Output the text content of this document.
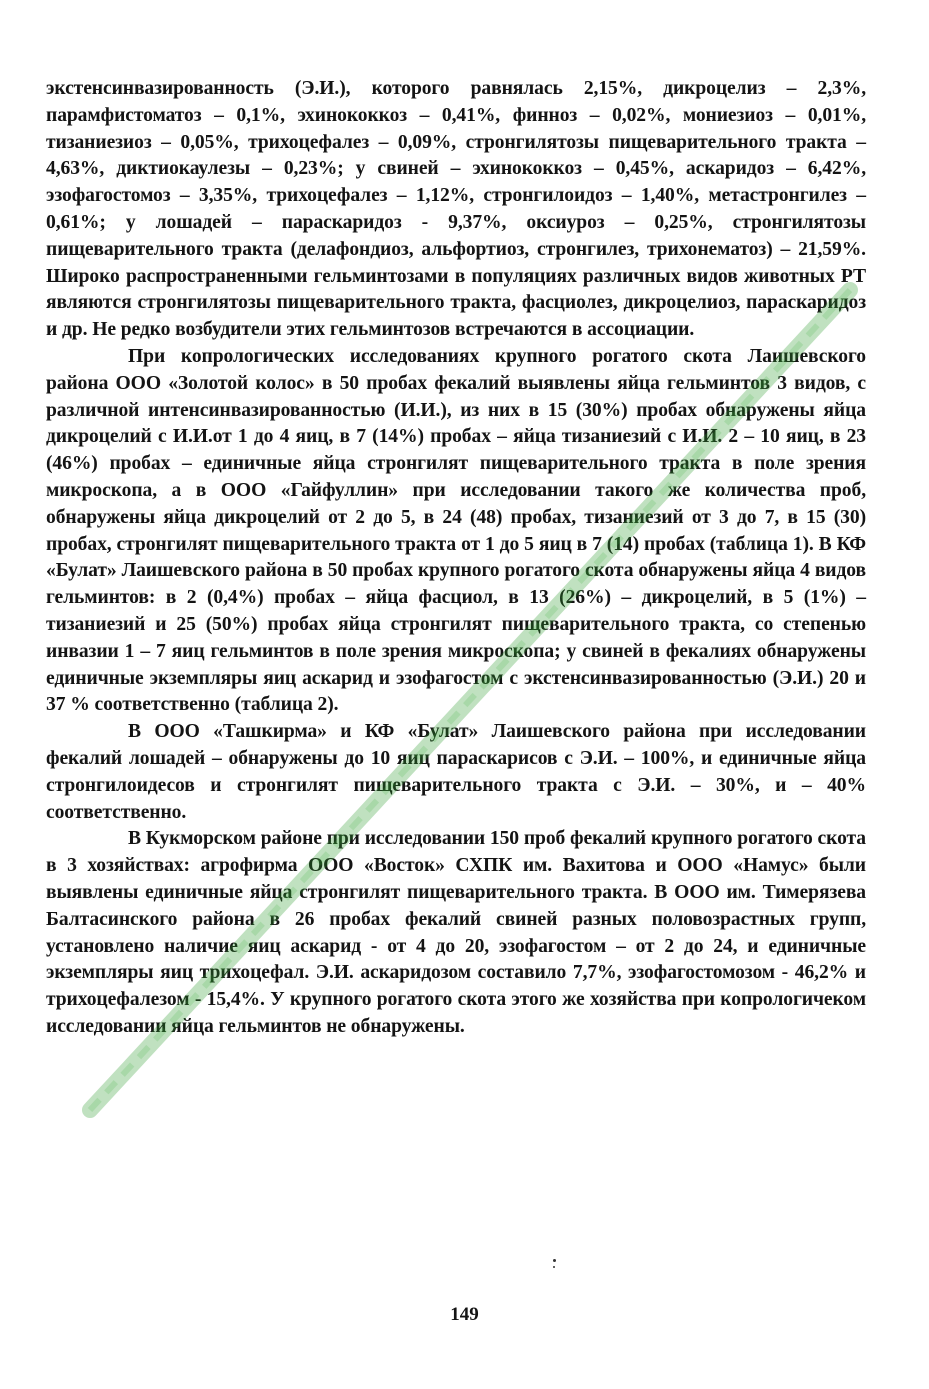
экстенсинвазированность (Э.И.), которого равнялась 2,15%, дикроцелиз – 2,3%, парамфистоматоз – 0,1%, эхинококкоз – 0,41%, финноз – 0,02%, мониезиоз – 0,01%, тизаниезиоз – 0,05%, трихоцефалез – 0,09%, стронгилятозы пищеварительного тракта – 4,63%, диктиокаулезы – 0,23%; у свиней – эхинококкоз – 0,45%, аскаридоз – 6,42%, эзофагостомоз – 3,35%, трихоцефалез – 1,12%, стронгилоидоз – 1,40%, метастронгилез – 0,61%; у лошадей – параскаридоз - 9,37%, оксиуроз – 0,25%, стронгилятозы пищеварительного тракта (делафондиоз, альфортиоз, стронгилез, трихонематоз) – 21,59%. Широко распространенными гельминтозами в популяциях различных видов животных РТ являются стронгилятозы пищеварительного тракта, фасциолез, дикроцелиоз, параскаридоз и др. Не редко возбудители этих гельминтозов встречаются в ассоциации.

При копрологических исследованиях крупного рогатого скота Лаишевского района ООО «Золотой колос» в 50 пробах фекалий выявлены яйца гельминтов 3 видов, с различной интенсинвазированностью (И.И.), из них в 15 (30%) пробах обнаружены яйца дикроцелий с И.И.от 1 до 4 яиц, в 7 (14%) пробах – яйца тизаниезий с И.И. 2 – 10 яиц, в 23 (46%) пробах – единичные яйца стронгилят пищеварительного тракта в поле зрения микроскопа, а в ООО «Гайфуллин» при исследовании такого же количества проб, обнаружены яйца дикроцелий от 2 до 5, в 24 (48) пробах, тизаниезий от 3 до 7, в 15 (30) пробах, стронгилят пищеварительного тракта от 1 до 5 яиц в 7 (14) пробах (таблица 1). В КФ «Булат» Лаишевского района в 50 пробах крупного рогатого скота обнаружены яйца 4 видов гельминтов: в 2 (0,4%) пробах – яйца фасциол, в 13 (26%) – дикроцелий, в 5 (1%) – тизаниезий и 25 (50%) пробах яйца стронгилят пищеварительного тракта, со степенью инвазии 1 – 7 яиц гельминтов в поле зрения микроскопа; у свиней в фекалиях обнаружены единичные экземпляры яиц аскарид и эзофагостом с экстенсинвазированностью (Э.И.) 20 и 37 % соответственно (таблица 2).

В ООО «Ташкирма» и КФ «Булат» Лаишевского района при исследовании фекалий лошадей – обнаружены до 10 яиц параскарисов с Э.И. – 100%, и единичные яйца стронгилоидесов и стронгилят пищеварительного тракта с Э.И. – 30%, и – 40% соответственно.

В Кукморском районе при исследовании 150 проб фекалий крупного рогатого скота в 3 хозяйствах: агрофирма ООО «Восток» СХПК им. Вахитова и ООО «Намус» были выявлены единичные яйца стронгилят пищеварительного тракта. В ООО им. Тимерязева Балтасинского района в 26 пробах фекалий свиней разных половозрастных групп, установлено наличие яиц аскарид - от 4 до 20, эзофагостом – от 2 до 24, и единичные экземпляры яиц трихоцефал. Э.И. аскаридозом составило 7,7%, эзофагостомозом - 46,2% и трихоцефалезом - 15,4%. У крупного рогатого скота этого же хозяйства при копрологичеком исследовании яйца гельминтов не обнаружены.

149
